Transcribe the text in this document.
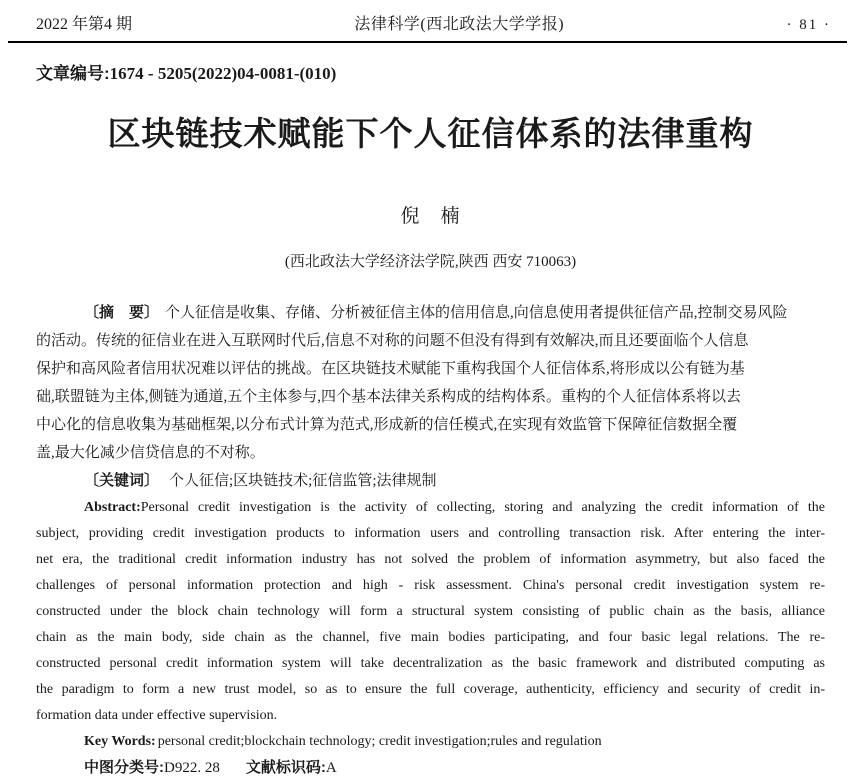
2022 年第4 期	法律科学(西北政法大学学报)	· 81 ·
文章编号:1674 - 5205(2022)04-0081-(010)
区块链技术赋能下个人征信体系的法律重构
倪　楠
(西北政法大学经济法学院,陕西 西安 710063)
〔摘　要〕 个人征信是收集、存储、分析被征信主体的信用信息,向信息使用者提供征信产品,控制交易风险
的活动。传统的征信业在进入互联网时代后,信息不对称的问题不但没有得到有效解决,而且还要面临个人信息
保护和高风险者信用状况难以评估的挑战。在区块链技术赋能下重构我国个人征信体系,将形成以公有链为基
础,联盟链为主体,侧链为通道,五个主体参与,四个基本法律关系构成的结构体系。重构的个人征信体系将以去
中心化的信息收集为基础框架,以分布式计算为范式,形成新的信任模式,在实现有效监管下保障征信数据全覆
盖,最大化减少信贷信息的不对称。
〔关键词〕 个人征信;区块链技术;征信监管;法律规制
Abstract:Personal credit investigation is the activity of collecting, storing and analyzing the credit information of the
subject, providing credit investigation products to information users and controlling transaction risk. After entering the inter-
net era, the traditional credit information industry has not solved the problem of information asymmetry, but also faced the
challenges of personal information protection and high - risk assessment. China's personal credit investigation system re-
constructed under the block chain technology will form a structural system consisting of public chain as the basis, alliance
chain as the main body, side chain as the channel, five main bodies participating, and four basic legal relations. The re-
constructed personal credit information system will take decentralization as the basic framework and distributed computing as
the paradigm to form a new trust model, so as to ensure the full coverage, authenticity, efficiency and security of credit in-
formation data under effective supervision.
Key Words: personal credit;blockchain technology; credit investigation;rules and regulation
中图分类号:D922. 28 文献标识码:A
